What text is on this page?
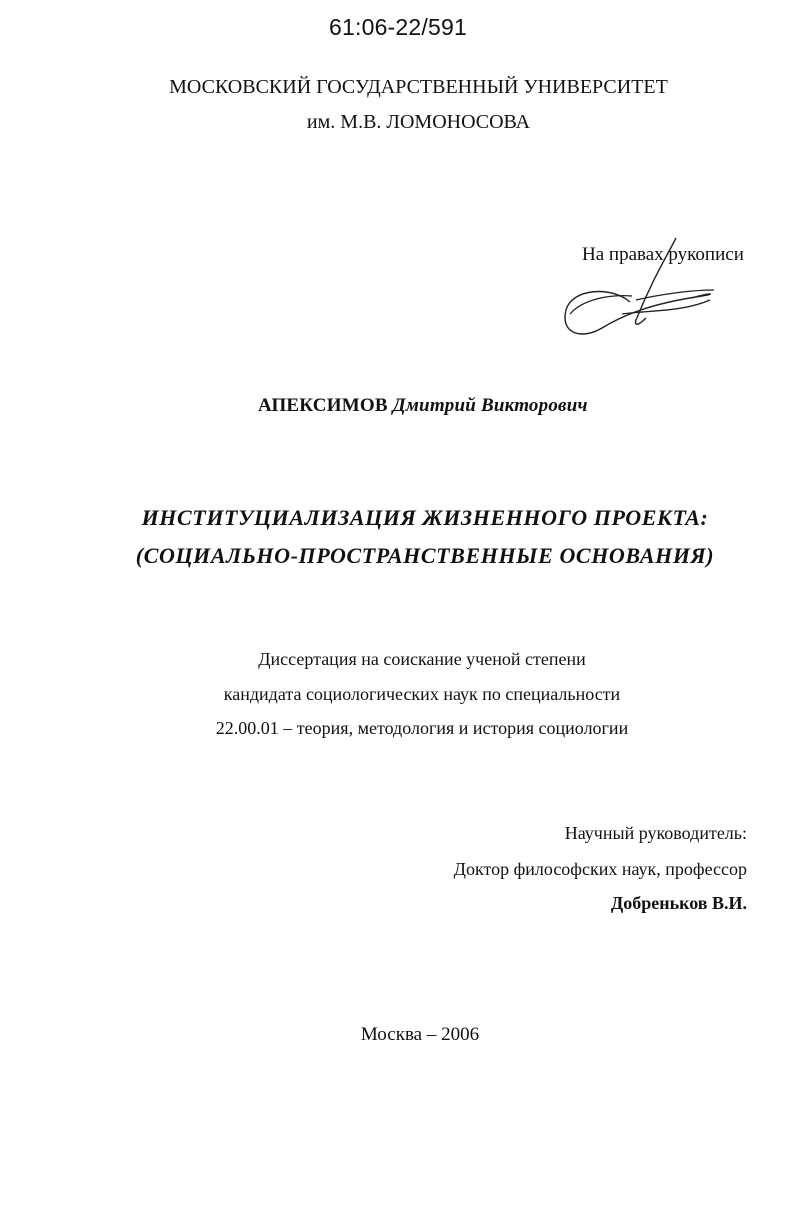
61:06-22/591
МОСКОВСКИЙ ГОСУДАРСТВЕННЫЙ УНИВЕРСИТЕТ
им. М.В. ЛОМОНОСОВА
На правах рукописи
АПЕКСИМОВ Дмитрий Викторович
ИНСТИТУЦИАЛИЗАЦИЯ ЖИЗНЕННОГО ПРОЕКТА:
(СОЦИАЛЬНО-ПРОСТРАНСТВЕННЫЕ ОСНОВАНИЯ)
Диссертация на соискание ученой степени
кандидата социологических наук по специальности
22.00.01 – теория, методология и история социологии
Научный руководитель:
Доктор философских наук, профессор
Добреньков В.И.
Москва – 2006
